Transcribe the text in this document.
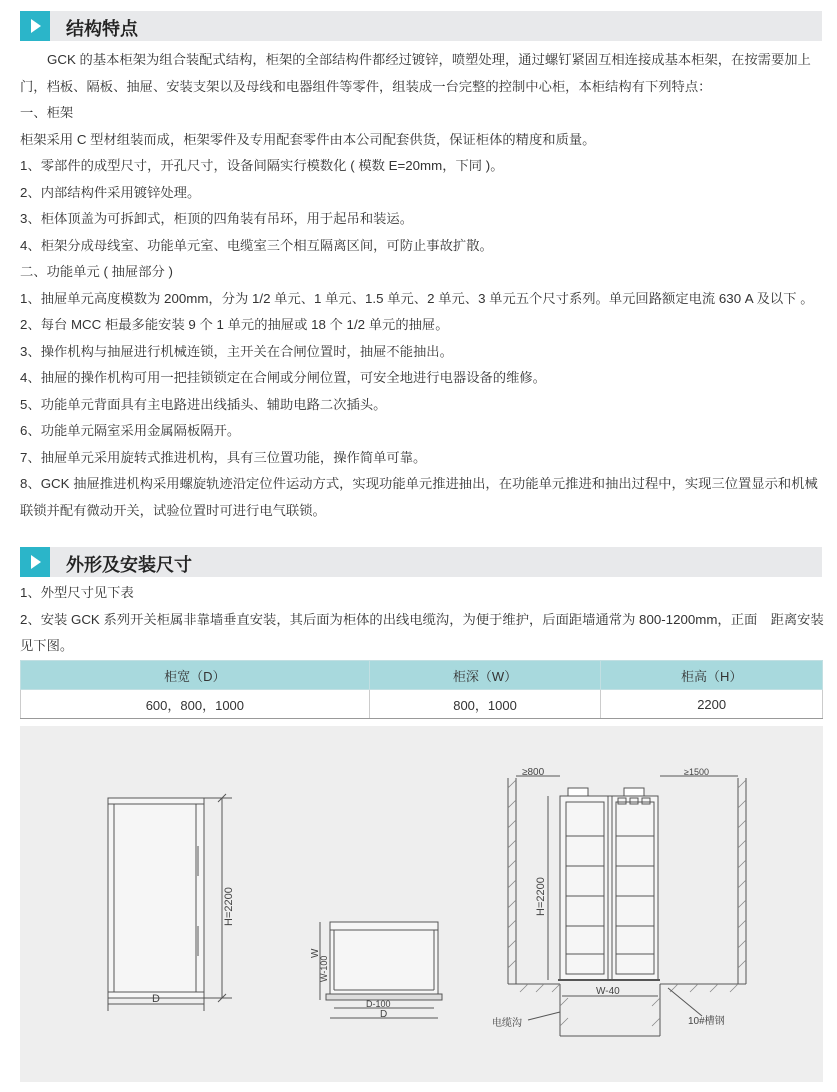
结构特点

GCK 的基本柜架为组合装配式结构，柜架的全部结构件都经过镀锌，喷塑处理，通过螺钉紧固互相连接成基本柜架，在按需要加上门，档板、隔板、抽屉、安装支架以及母线和电器组件等零件，组装成一台完整的控制中心柜，本柜结构有下列特点：

一、柜架

柜架采用 C 型材组装而成，柜架零件及专用配套零件由本公司配套供货，保证柜体的精度和质量。

1、零部件的成型尺寸，开孔尺寸，设备间隔实行模数化 ( 模数 E=20mm，下同 )。

2、内部结构件采用镀锌处理。

3、柜体顶盖为可拆卸式，柜顶的四角装有吊环，用于起吊和装运。

4、柜架分成母线室、功能单元室、电缆室三个相互隔离区间，可防止事故扩散。

二、功能单元 ( 抽屉部分 )

1、抽屉单元高度模数为 200mm，分为 1/2 单元、1 单元、1.5 单元、2 单元、3 单元五个尺寸系列。单元回路额定电流 630 A 及以下 。

2、每台 MCC 柜最多能安装 9 个 1 单元的抽屉或 18 个 1/2 单元的抽屉。

3、操作机构与抽屉进行机械连锁，主开关在合闸位置时，抽屉不能抽出。

4、抽屉的操作机构可用一把挂锁锁定在合闸或分闸位置，可安全地进行电器设备的维修。

5、功能单元背面具有主电路进出线插头、辅助电路二次插头。

6、功能单元隔室采用金属隔板隔开。

7、抽屉单元采用旋转式推进机构，具有三位置功能，操作简单可靠。

8、GCK 抽屉推进机构采用螺旋轨迹沿定位件运动方式，实现功能单元推进抽出，在功能单元推进和抽出过程中，实现三位置显示和机械联锁并配有微动开关，试验位置时可进行电气联锁。

外形及安装尺寸

1、外型尺寸见下表

2、安装 GCK 系列开关柜属非靠墙垂直安装，其后面为柜体的出线电缆沟，为便于维护，后面距墙通常为 800-1200mm，正面　距离安装见下图。

柜宽（D）	柜深（W）	柜高（H）
600，800，1000	800，1000	2200
H=2200
D
W
W-100
D-100
D
≥800	≥1500
H=2200
W-40
电缆沟	10#槽钢
